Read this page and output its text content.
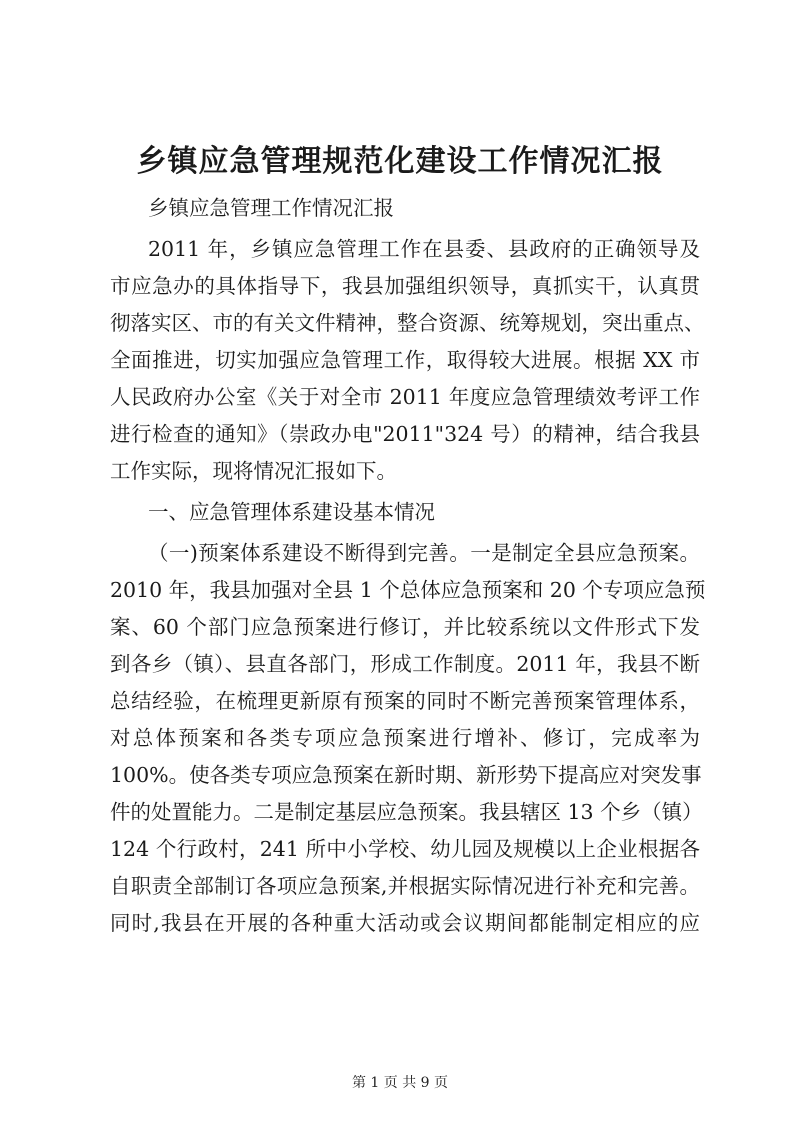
乡镇应急管理规范化建设工作情况汇报
乡镇应急管理工作情况汇报
2011 年，乡镇应急管理工作在县委、县政府的正确领导及
市应急办的具体指导下，我县加强组织领导，真抓实干，认真贯
彻落实区、市的有关文件精神，整合资源、统筹规划，突出重点、
全面推进，切实加强应急管理工作，取得较大进展。根据 XX 市
人民政府办公室《关于对全市 2011 年度应急管理绩效考评工作
进行检查的通知》（崇政办电"2011"324 号）的精神，结合我县
工作实际，现将情况汇报如下。
一、应急管理体系建设基本情况
（一)预案体系建设不断得到完善。一是制定全县应急预案。
2010 年，我县加强对全县 1 个总体应急预案和 20 个专项应急预
案、60 个部门应急预案进行修订，并比较系统以文件形式下发
到各乡（镇）、县直各部门，形成工作制度。2011 年，我县不断
总结经验，在梳理更新原有预案的同时不断完善预案管理体系，
对总体预案和各类专项应急预案进行增补、修订，完成率为
100%。使各类专项应急预案在新时期、新形势下提高应对突发事
件的处置能力。二是制定基层应急预案。我县辖区 13 个乡（镇）
124 个行政村，241 所中小学校、幼儿园及规模以上企业根据各
自职责全部制订各项应急预案,并根据实际情况进行补充和完善。
同时,我县在开展的各种重大活动或会议期间都能制定相应的应
第 1 页 共 9 页
